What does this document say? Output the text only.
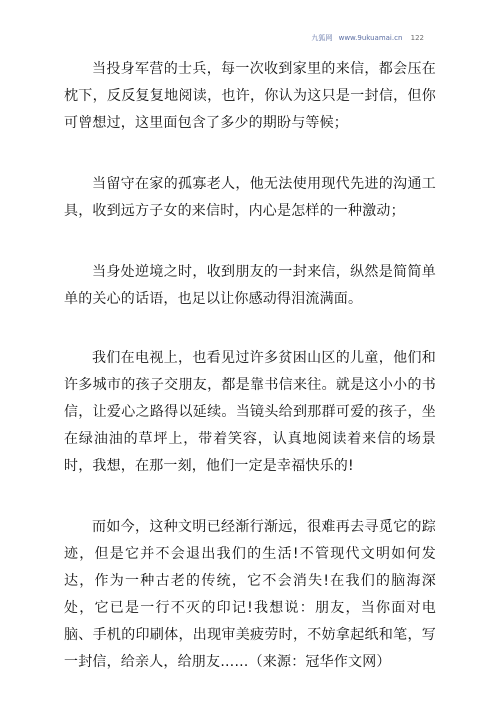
九狐网 www.9ukuamai.cn 122

当投身军营的士兵，每一次收到家里的来信，都会压在枕下，反反复复地阅读，也许，你认为这只是一封信，但你可曾想过，这里面包含了多少的期盼与等候；

当留守在家的孤寡老人，他无法使用现代先进的沟通工具，收到远方子女的来信时，内心是怎样的一种激动；

当身处逆境之时，收到朋友的一封来信，纵然是简简单单的关心的话语，也足以让你感动得泪流满面。

我们在电视上，也看见过许多贫困山区的儿童，他们和许多城市的孩子交朋友，都是靠书信来往。就是这小小的书信，让爱心之路得以延续。当镜头给到那群可爱的孩子，坐在绿油油的草坪上，带着笑容，认真地阅读着来信的场景时，我想，在那一刻，他们一定是幸福快乐的!

而如今，这种文明已经渐行渐远，很难再去寻觅它的踪迹，但是它并不会退出我们的生活!不管现代文明如何发达，作为一种古老的传统，它不会消失!在我们的脑海深处，它已是一行不灭的印记!我想说：朋友，当你面对电脑、手机的印刷体，出现审美疲劳时，不妨拿起纸和笔，写一封信，给亲人，给朋友……（来源：冠华作文网）
